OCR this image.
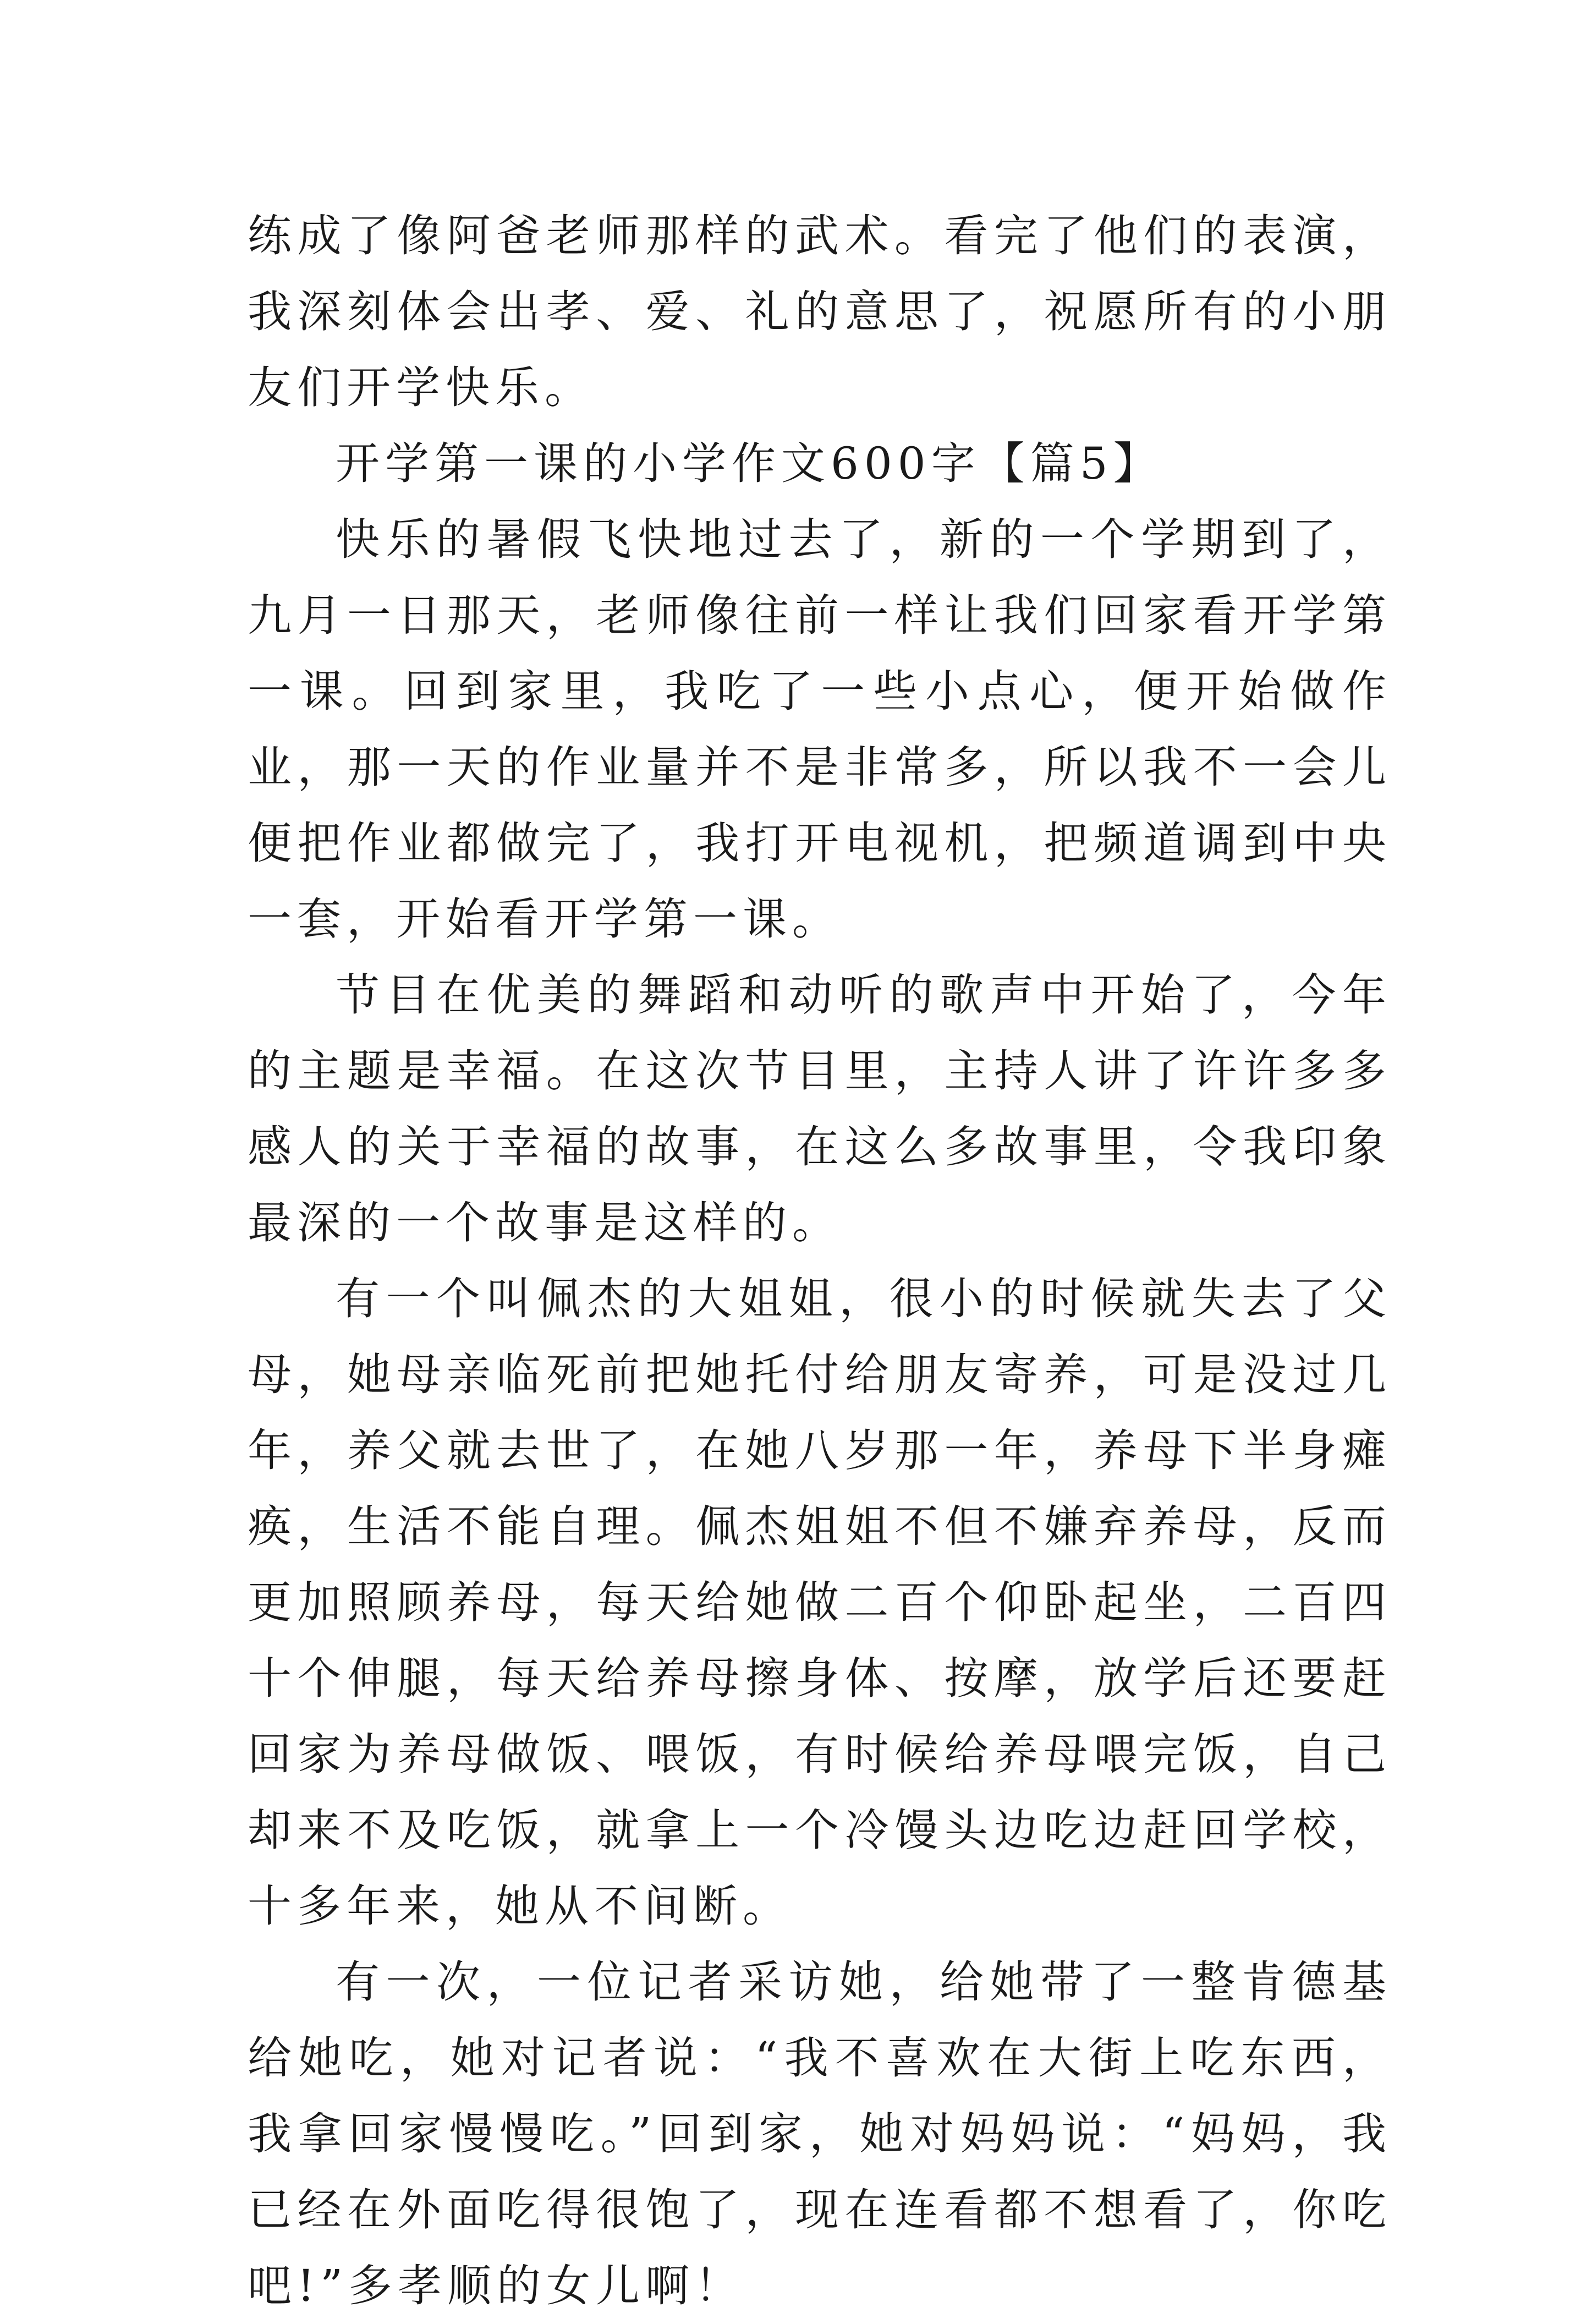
练成了像阿爸老师那样的武术。看完了他们的表演，我深刻体会出孝、爱、礼的意思了，祝愿所有的小朋友们开学快乐。

开学第一课的小学作文600字【篇5】

快乐的暑假飞快地过去了，新的一个学期到了，九月一日那天，老师像往前一样让我们回家看开学第一课。回到家里，我吃了一些小点心，便开始做作业，那一天的作业量并不是非常多，所以我不一会儿便把作业都做完了，我打开电视机，把频道调到中央一套，开始看开学第一课。

节目在优美的舞蹈和动听的歌声中开始了，今年的主题是幸福。在这次节目里，主持人讲了许许多多感人的关于幸福的故事，在这么多故事里，令我印象最深的一个故事是这样的。

有一个叫佩杰的大姐姐，很小的时候就失去了父母，她母亲临死前把她托付给朋友寄养，可是没过几年，养父就去世了，在她八岁那一年，养母下半身瘫痪，生活不能自理。佩杰姐姐不但不嫌弃养母，反而更加照顾养母，每天给她做二百个仰卧起坐，二百四十个伸腿，每天给养母擦身体、按摩，放学后还要赶回家为养母做饭、喂饭，有时候给养母喂完饭，自己却来不及吃饭，就拿上一个冷馒头边吃边赶回学校，十多年来，她从不间断。

有一次，一位记者采访她，给她带了一整肯德基给她吃，她对记者说：“我不喜欢在大街上吃东西，我拿回家慢慢吃。”回到家，她对妈妈说：“妈妈，我已经在外面吃得很饱了，现在连看都不想看了，你吃吧!”多孝顺的女儿啊！
